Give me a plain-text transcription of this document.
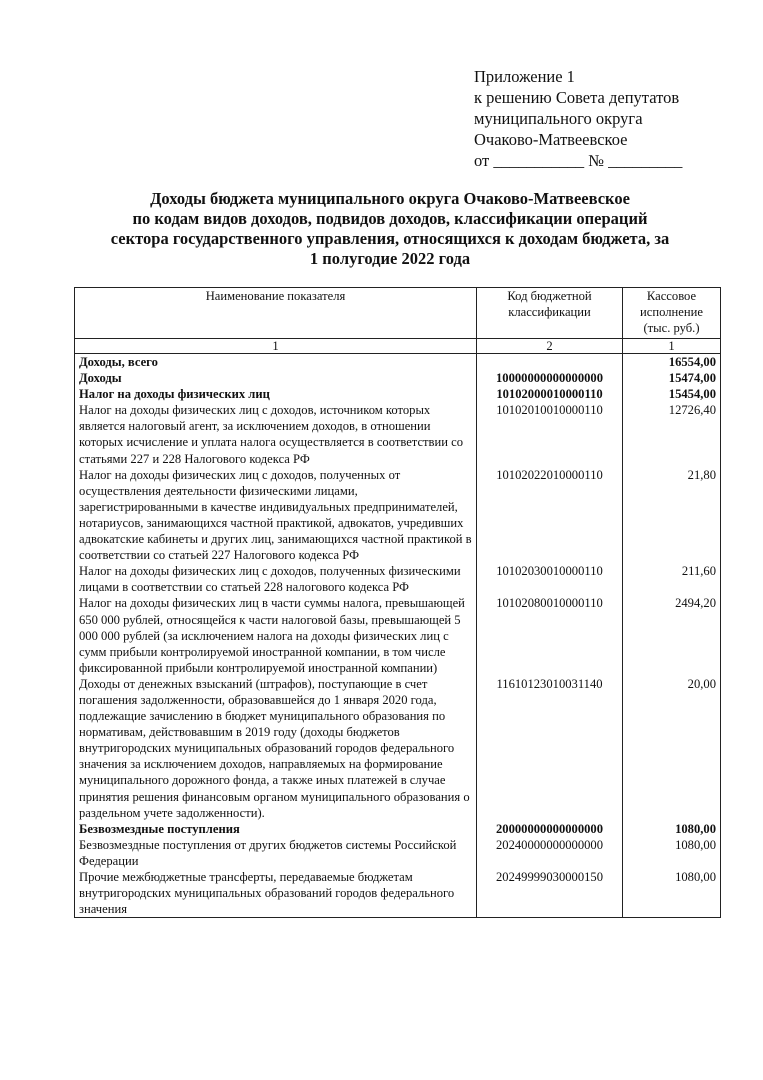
Приложение 1
к решению Совета депутатов
муниципального округа
Очаково-Матвеевское
от ___________ № _________
Доходы бюджета муниципального округа Очаково-Матвеевское
по кодам видов доходов, подвидов доходов, классификации операций
сектора государственного управления, относящихся к доходам бюджета, за
1 полугодие 2022 года
Наименование показателя	Код бюджетной классификации	Кассовое исполнение (тыс. руб.)
1	2	1
Доходы, всего		16554,00
Доходы	10000000000000000	15474,00
Налог на доходы физических лиц	10102000010000110	15454,00
Налог на доходы физических лиц с доходов, источником которых является налоговый агент, за исключением доходов, в отношении которых исчисление и уплата налога осуществляется в соответствии со статьями 227 и 228 Налогового кодекса РФ	10102010010000110	12726,40
Налог на доходы физических лиц с доходов, полученных от осуществления деятельности физическими лицами, зарегистрированными в качестве индивидуальных предпринимателей, нотариусов, занимающихся частной практикой, адвокатов, учредивших адвокатские кабинеты и других лиц, занимающихся частной практикой в соответствии со статьей 227 Налогового кодекса РФ	10102022010000110	21,80
Налог на доходы физических лиц с доходов, полученных физическими лицами в соответствии со статьей 228 налогового кодекса РФ	10102030010000110	211,60
Налог на доходы физических лиц в части суммы налога, превышающей 650 000 рублей, относящейся к части налоговой базы, превышающей 5 000 000 рублей (за исключением налога на доходы физических лиц с сумм прибыли контролируемой иностранной компании, в том числе фиксированной прибыли контролируемой иностранной компании)	10102080010000110	2494,20
Доходы от денежных взысканий (штрафов), поступающие в счет погашения задолженности, образовавшейся до 1 января 2020 года, подлежащие зачислению в бюджет муниципального образования по нормативам, действовавшим в 2019 году (доходы бюджетов внутригородских муниципальных образований городов федерального значения за исключением доходов, направляемых на формирование муниципального дорожного фонда, а также иных платежей в случае принятия решения финансовым органом муниципального образования о раздельном учете задолженности).	11610123010031140	20,00
Безвозмездные поступления	20000000000000000	1080,00
Безвозмездные поступления от других бюджетов системы Российской Федерации	20240000000000000	1080,00
Прочие межбюджетные трансферты, передаваемые бюджетам внутригородских муниципальных образований городов федерального значения	20249999030000150	1080,00
